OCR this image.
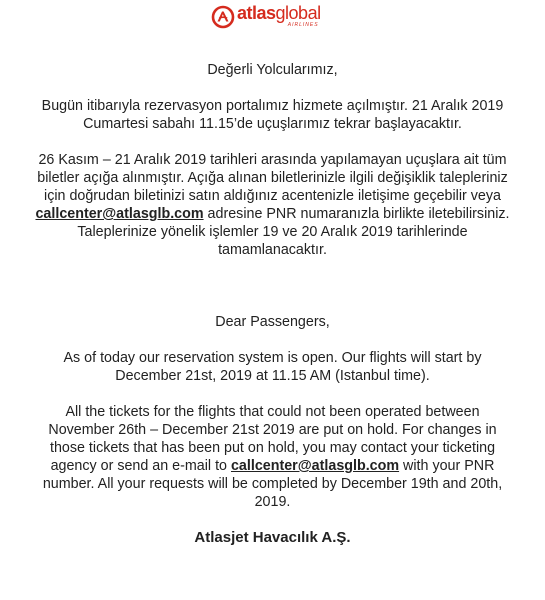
atlasglobal
AIRLINES

Değerli Yolcularımız,

Bugün itibarıyla rezervasyon portalımız hizmete açılmıştır. 21 Aralık 2019

Cumartesi sabahı 11.15’de uçuşlarımız tekrar başlayacaktır.

26 Kasım – 21 Aralık 2019 tarihleri arasında yapılamayan uçuşlara ait tüm

biletler açığa alınmıştır. Açığa alınan biletlerinizle ilgili değişiklik talepleriniz

için doğrudan biletinizi satın aldığınız acentenizle iletişime geçebilir veya

callcenter@atlasglb.com adresine PNR numaranızla birlikte iletebilirsiniz.

Taleplerinize yönelik işlemler 19 ve 20 Aralık 2019 tarihlerinde

tamamlanacaktır.

Dear Passengers,

As of today our reservation system is open. Our flights will start by

December 21st, 2019 at 11.15 AM (Istanbul time).

All the tickets for the flights that could not been operated between

November 26th – December 21st 2019 are put on hold. For changes in

those tickets that has been put on hold, you may contact your ticketing

agency or send an e-mail to callcenter@atlasglb.com with your PNR

number. All your requests will be completed by December 19th and 20th,

2019.

Atlasjet Havacılık A.Ş.
